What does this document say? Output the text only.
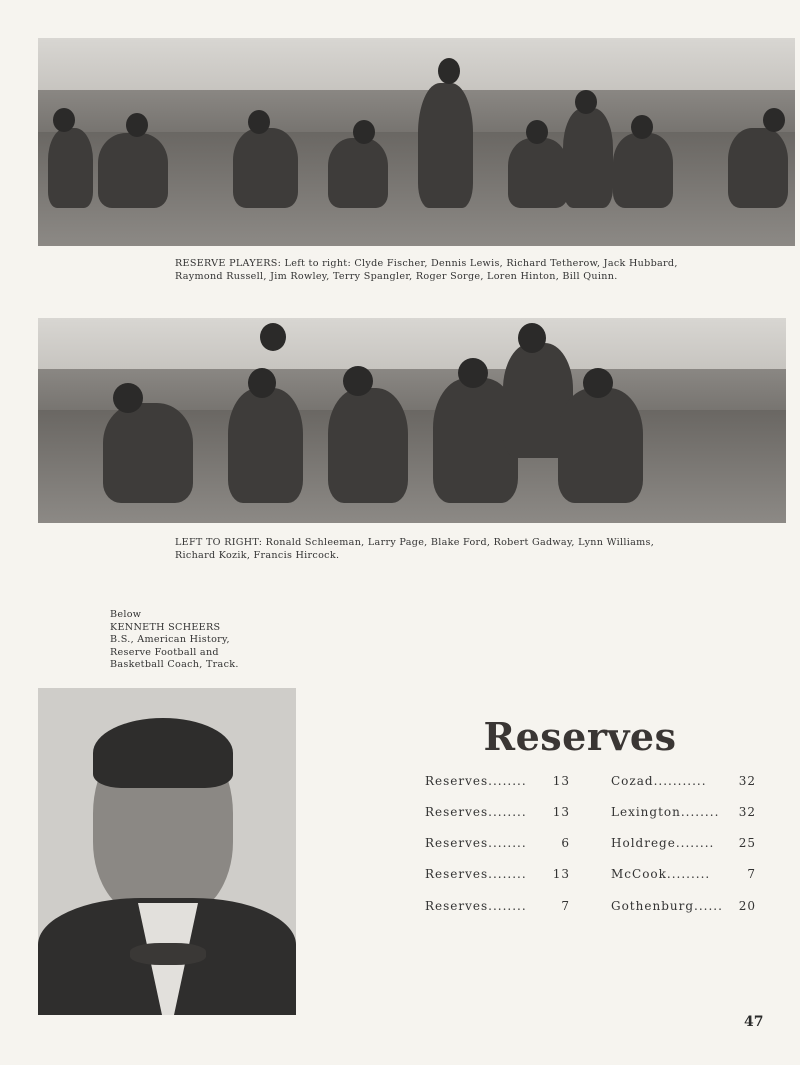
RESERVE PLAYERS: Left to right: Clyde Fischer, Dennis Lewis, Richard Tetherow, Jack Hubbard, Raymond Russell, Jim Rowley, Terry Spangler, Roger Sorge, Loren Hinton, Bill Quinn.
LEFT TO RIGHT: Ronald Schleeman, Larry Page, Blake Ford, Robert Gadway, Lynn Williams, Richard Kozik, Francis Hircock.
Below
KENNETH SCHEERS
B.S., American History,
Reserve Football and
Basketball Coach, Track.
Reserves
Reserves........ 13	Cozad...........	32
Reserves........ 13	Lexington........ 32
Reserves........	6	Holdrege........ 25
Reserves........ 13	McCook.........	7
Reserves........	7	Gothenburg...... 20
47
